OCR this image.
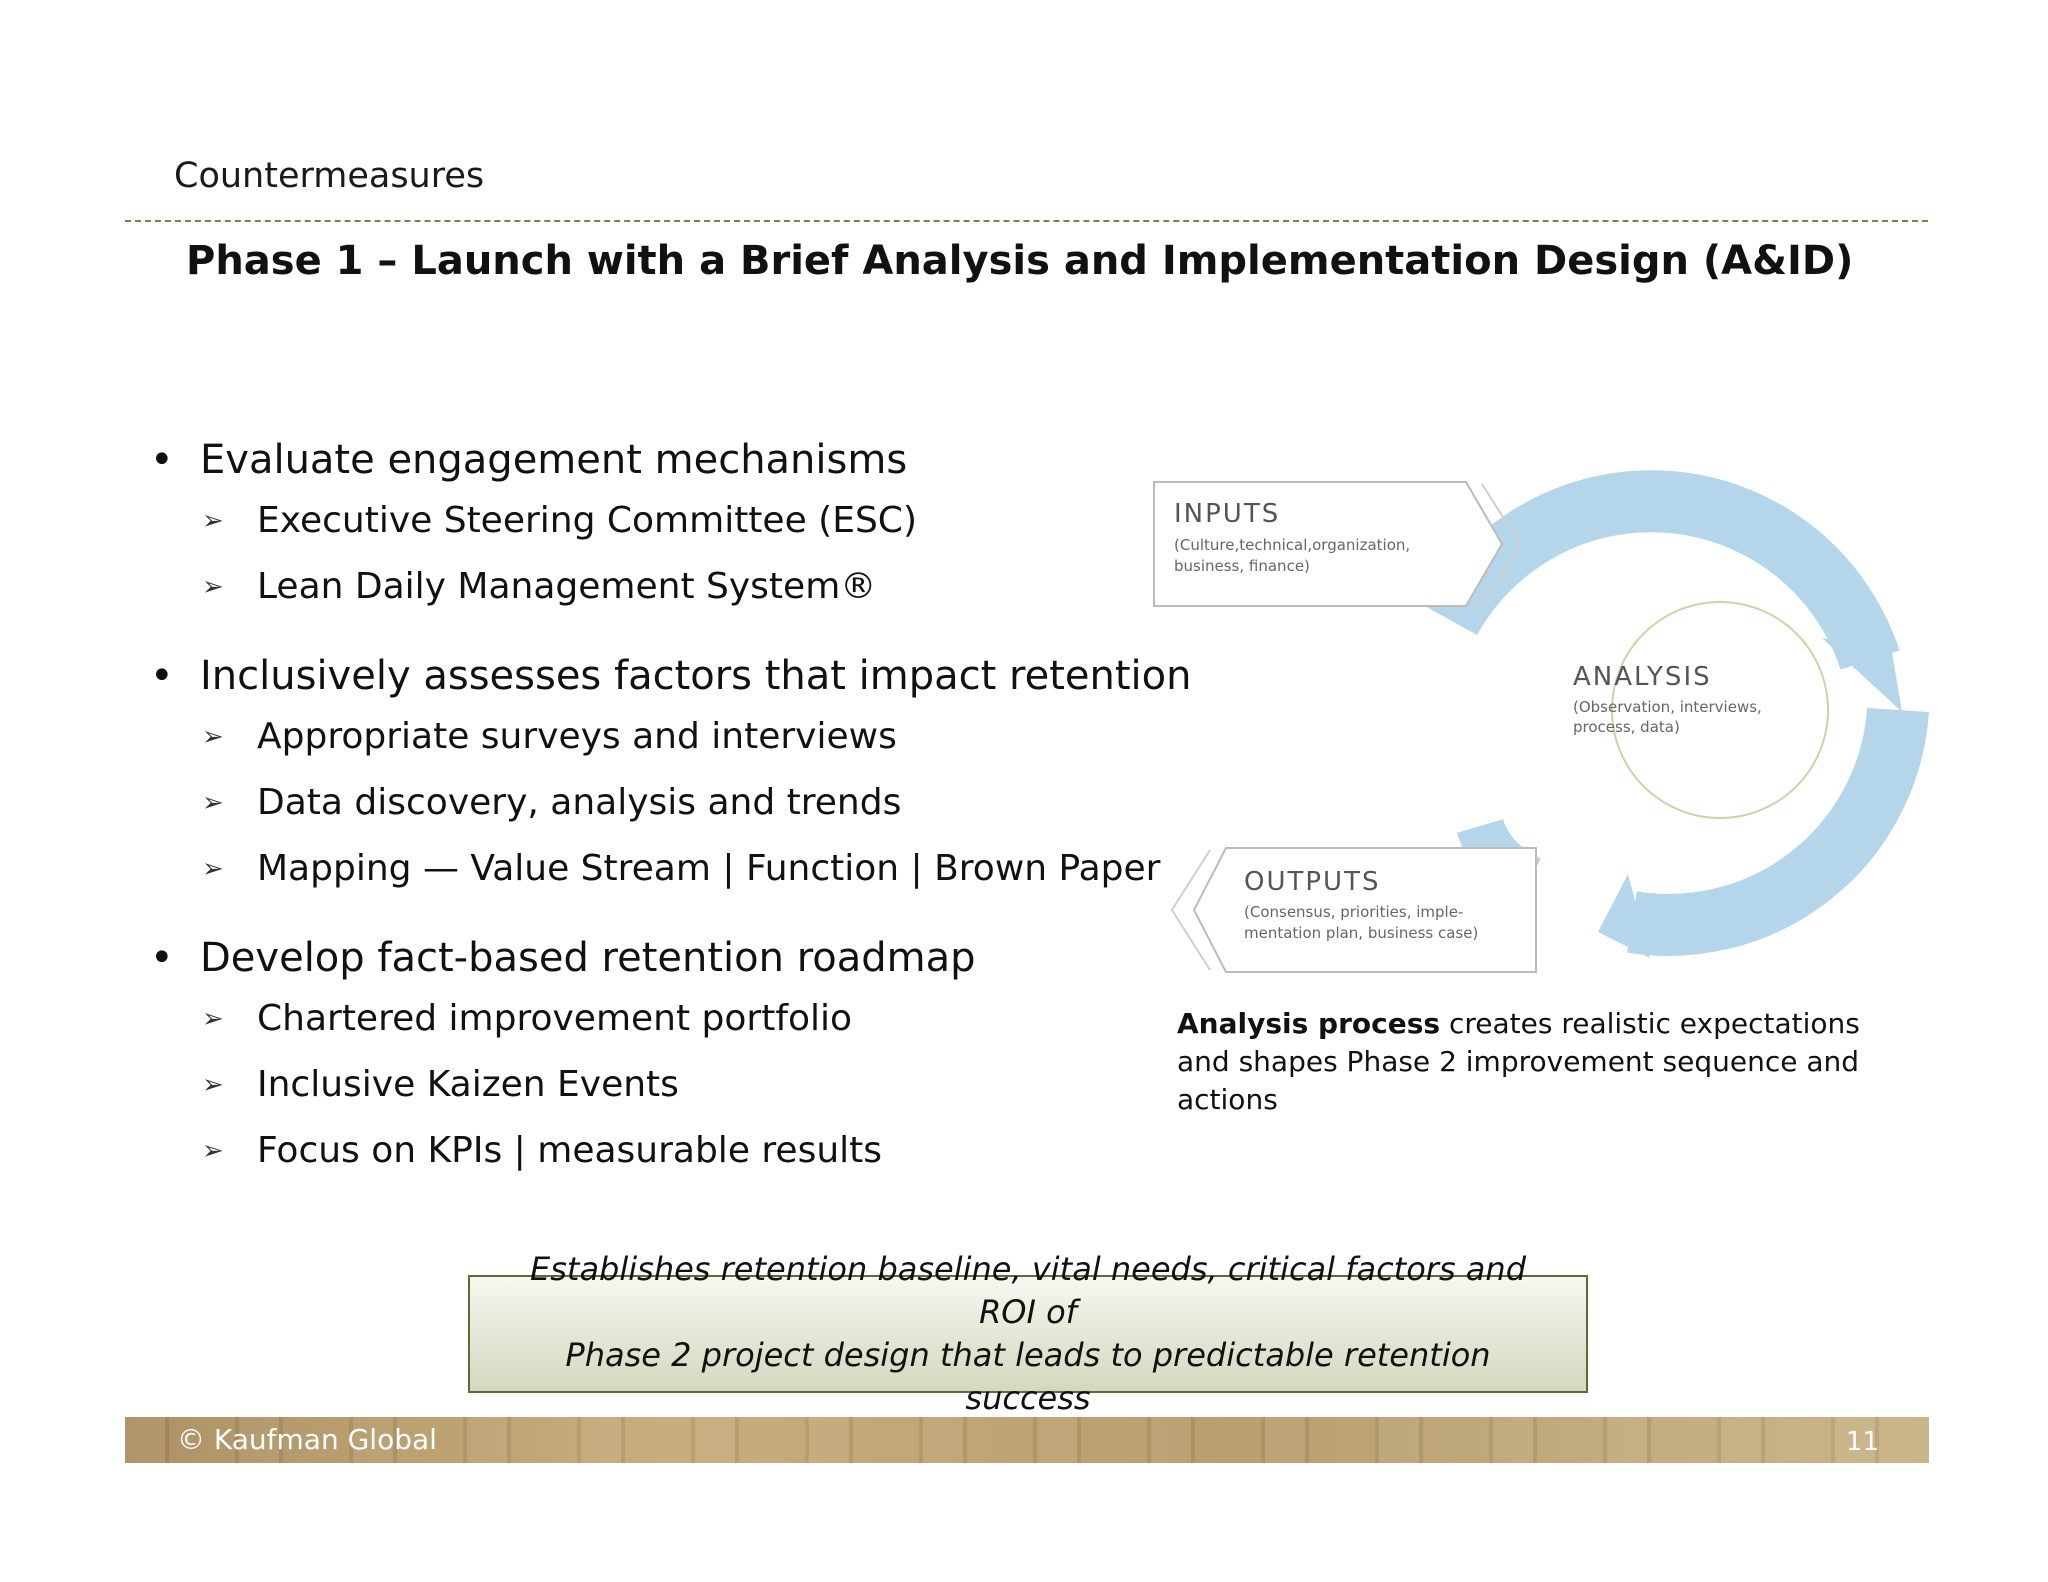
Countermeasures
Phase 1 – Launch with a Brief Analysis and Implementation Design (A&ID)
• Evaluate engagement mechanisms
➢ Executive Steering Committee (ESC)
➢ Lean Daily Management System®
• Inclusively assesses factors that impact retention
➢ Appropriate surveys and interviews
➢ Data discovery, analysis and trends
➢ Mapping — Value Stream | Function | Brown Paper
• Develop fact-based retention roadmap
➢ Chartered improvement portfolio
➢ Inclusive Kaizen Events
➢ Focus on KPIs | measurable results
ANALYSIS
(Observation, interviews,
process, data)
INPUTS
(Culture,technical,organization,
business, finance)
OUTPUTS
(Consensus, priorities, imple-
mentation plan, business case)
Analysis process creates realistic expectations and shapes Phase 2 improvement sequence and actions

Establishes retention baseline, vital needs, critical factors and ROI of
Phase 2 project design that leads to predictable retention success

© Kaufman Global	11
